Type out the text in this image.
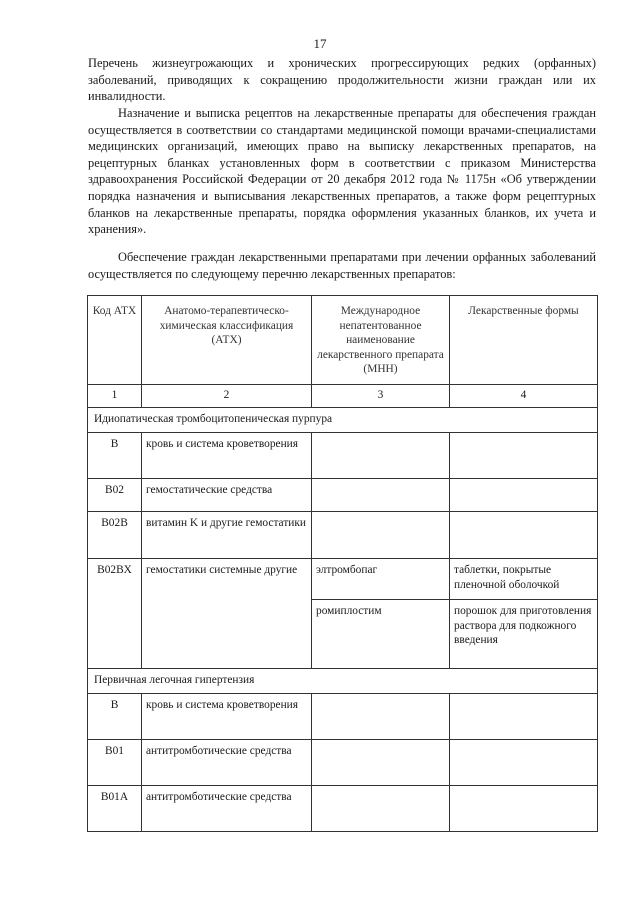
17
Перечень жизнеугрожающих и хронических прогрессирующих редких (орфанных) заболеваний, приводящих к сокращению продолжительности жизни граждан или их инвалидности.
Назначение и выписка рецептов на лекарственные препараты для обеспечения граждан осуществляется в соответствии со стандартами медицинской помощи врачами-специалистами медицинских организаций, имеющих право на выписку лекарственных препаратов, на рецептурных бланках установленных форм в соответствии с приказом Министерства здравоохранения Российской Федерации от 20 декабря 2012 года № 1175н «Об утверждении порядка назначения и выписывания лекарственных препаратов, а также форм рецептурных бланков на лекарственные препараты, порядка оформления указанных бланков, их учета и хранения».
Обеспечение граждан лекарственными препаратами при лечении орфанных заболеваний осуществляется по следующему перечню лекарственных препаратов:
Код АТХ	Анатомо-терапевтическо-химическая классификация (АТХ)	Международное непатентованное наименование лекарственного препарата (МНН)	Лекарственные формы
1	2	3	4
Идиопатическая тромбоцитопеническая пурпура			
B	кровь и система кроветворения		
B02	гемостатические средства		
B02B	витамин K и другие гемостатики		
B02BX	гемостатики системные другие	элтромбопаг	таблетки, покрытые пленочной оболочкой
		ромиплостим	порошок для приготовления раствора для подкожного введения
Первичная легочная гипертензия			
B	кровь и система кроветворения		
B01	антитромботические средства		
B01A	антитромботические средства		
